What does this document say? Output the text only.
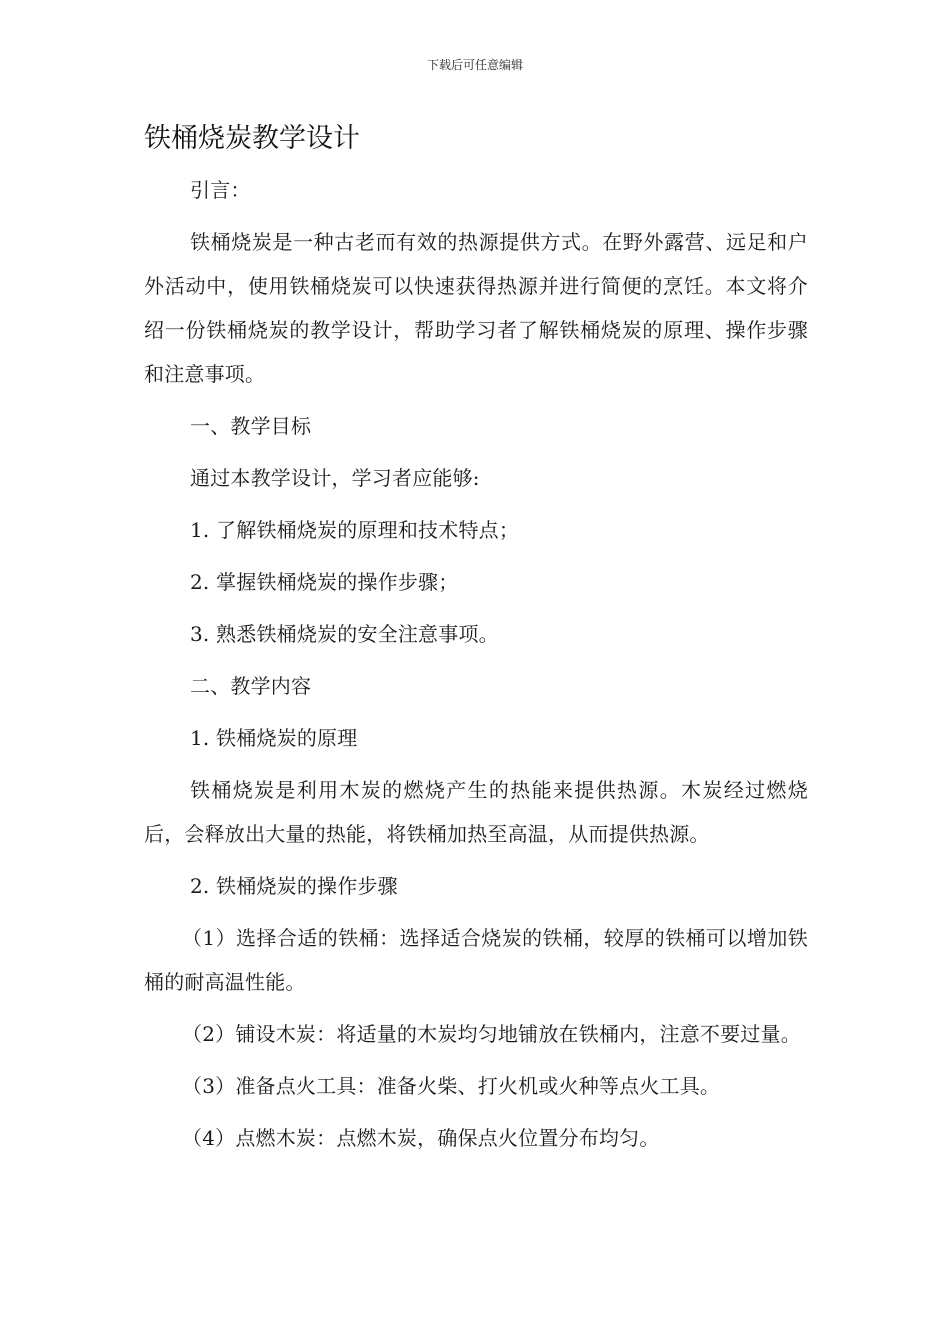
下载后可任意编辑
铁桶烧炭教学设计

引言：

铁桶烧炭是一种古老而有效的热源提供方式。在野外露营、远足和户外活动中，使用铁桶烧炭可以快速获得热源并进行简便的烹饪。本文将介绍一份铁桶烧炭的教学设计，帮助学习者了解铁桶烧炭的原理、操作步骤和注意事项。

一、教学目标

通过本教学设计，学习者应能够:

1. 了解铁桶烧炭的原理和技术特点；

2. 掌握铁桶烧炭的操作步骤；

3. 熟悉铁桶烧炭的安全注意事项。

二、教学内容

1. 铁桶烧炭的原理

铁桶烧炭是利用木炭的燃烧产生的热能来提供热源。木炭经过燃烧后，会释放出大量的热能，将铁桶加热至高温，从而提供热源。

2. 铁桶烧炭的操作步骤

（1）选择合适的铁桶：选择适合烧炭的铁桶，较厚的铁桶可以增加铁桶的耐高温性能。

（2）铺设木炭：将适量的木炭均匀地铺放在铁桶内，注意不要过量。

（3）准备点火工具：准备火柴、打火机或火种等点火工具。

（4）点燃木炭：点燃木炭，确保点火位置分布均匀。
